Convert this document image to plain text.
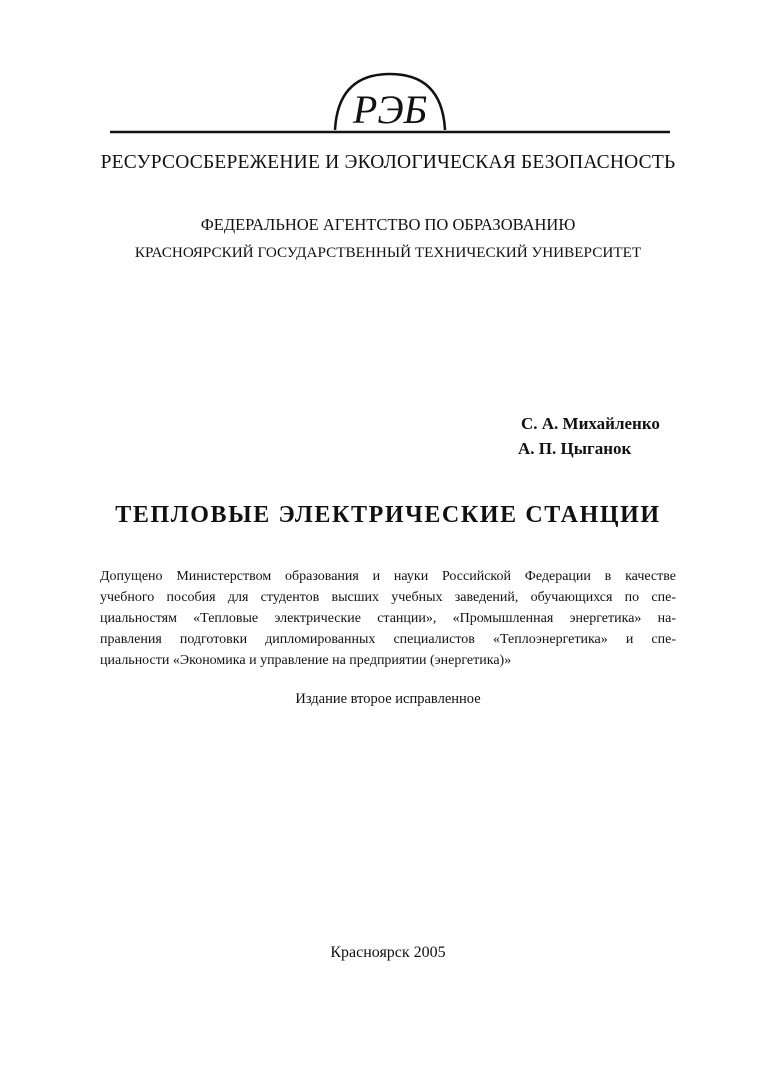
РЭБ
РЕСУРСОСБЕРЕЖЕНИЕ И ЭКОЛОГИЧЕСКАЯ БЕЗОПАСНОСТЬ
ФЕДЕРАЛЬНОЕ АГЕНТСТВО ПО ОБРАЗОВАНИЮ
КРАСНОЯРСКИЙ ГОСУДАРСТВЕННЫЙ ТЕХНИЧЕСКИЙ УНИВЕРСИТЕТ
С. А. Михайленко
А. П. Цыганок
ТЕПЛОВЫЕ ЭЛЕКТРИЧЕСКИЕ СТАНЦИИ
Допущено Министерством образования и науки Российской Федерации в качестве
учебного пособия для студентов высших учебных заведений, обучающихся по спе-
циальностям «Тепловые электрические станции», «Промышленная энергетика» на-
правления подготовки дипломированных специалистов «Теплоэнергетика» и спе-
циальности «Экономика и управление на предприятии (энергетика)»
Издание второе исправленное
Красноярск 2005
